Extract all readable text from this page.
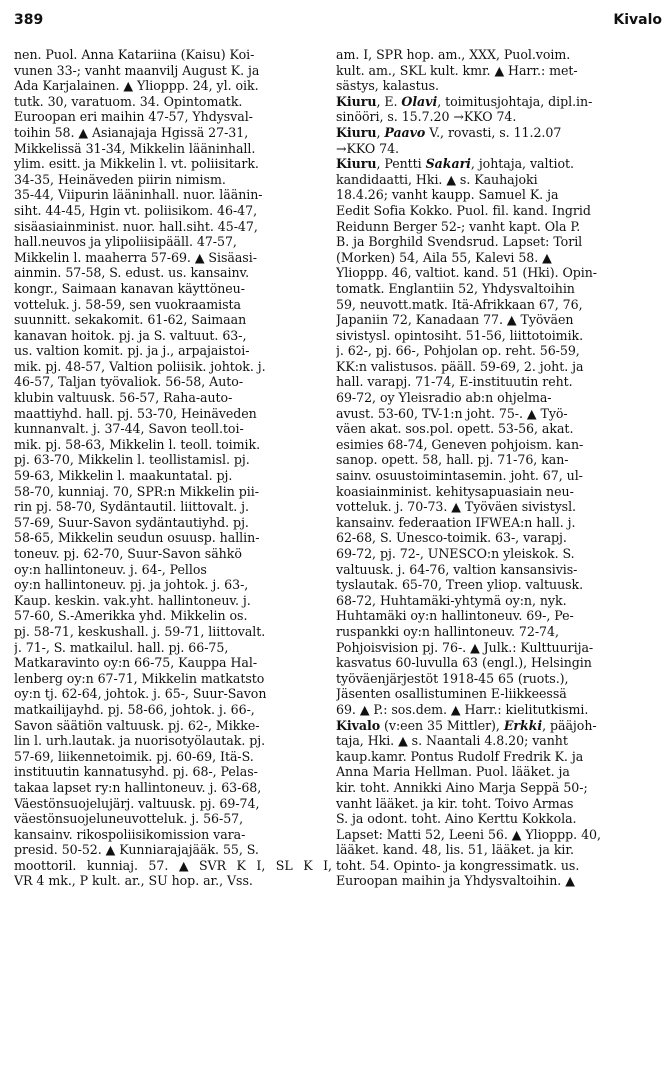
389	Kivalo

nen. Puol. Anna Katariina (Kaisu) Koi-
vunen 33-; vanht maanvilj August K. ja
Ada Karjalainen. ▲ Ylioppp. 24, yl. oik.
tutk. 30, varatuom. 34. Opintomatk.
Euroopan eri maihin 47-57, Yhdysval-
toihin 58. ▲ Asianajaja Hgissä 27-31,
Mikkelissä 31-34, Mikkelin lääninhall.
ylim. esitt. ja Mikkelin l. vt. poliisitark.
34-35, Heinäveden piirin nimism.
35-44, Viipurin lääninhall. nuor. läänin-
siht. 44-45, Hgin vt. poliisikom. 46-47,
sisäasiainminist. nuor. hall.siht. 45-47,
hall.neuvos ja ylipoliisipääll. 47-57,
Mikkelin l. maaherra 57-69. ▲ Sisäasi-
ainmin. 57-58, S. edust. us. kansainv.
kongr., Saimaan kanavan käyttöneu-
votteluk. j. 58-59, sen vuokraamista
suunnitt. sekakomit. 61-62, Saimaan
kanavan hoitok. pj. ja S. valtuut. 63-,
us. valtion komit. pj. ja j., arpajaistoi-
mik. pj. 48-57, Valtion poliisik. johtok. j.
46-57, Taljan työvaliok. 56-58, Auto-
klubin valtuusk. 56-57, Raha-auto-
maattiyhd. hall. pj. 53-70, Heinäveden
kunnanvalt. j. 37-44, Savon teoll.toi-
mik. pj. 58-63, Mikkelin l. teoll. toimik.
pj. 63-70, Mikkelin l. teollistamisl. pj.
59-63, Mikkelin l. maakuntatal. pj.
58-70, kunniaj. 70, SPR:n Mikkelin pii-
rin pj. 58-70, Sydäntautil. liittovalt. j.
57-69, Suur-Savon sydäntautiyhd. pj.
58-65, Mikkelin seudun osuusp. hallin-
toneuv. pj. 62-70, Suur-Savon sähkö
oy:n hallintoneuv. j. 64-, Pellos
oy:n hallintoneuv. pj. ja johtok. j. 63-,
Kaup. keskin. vak.yht. hallintoneuv. j.
57-60, S.-Amerikka yhd. Mikkelin os.
pj. 58-71, keskushall. j. 59-71, liittovalt.
j. 71-, S. matkailul. hall. pj. 66-75,
Matkaravinto oy:n 66-75, Kauppa Hal-
lenberg oy:n 67-71, Mikkelin matkatsto
oy:n tj. 62-64, johtok. j. 65-, Suur-Savon
matkailijayhd. pj. 58-66, johtok. j. 66-,
Savon säätiön valtuusk. pj. 62-, Mikke-
lin l. urh.lautak. ja nuorisotyölautak. pj.
57-69, liikennetoimik. pj. 60-69, Itä-S.
instituutin kannatusyhd. pj. 68-, Pelas-
takaa lapset ry:n hallintoneuv. j. 63-68,
Väestönsuojelujärj. valtuusk. pj. 69-74,
väestönsuojeluneuvotteluk. j. 56-57,
kansainv. rikospoliisikomission vara-
presid. 50-52. ▲ Kunniarajajääk. 55, S.
moottoril. kunniaj. 57. ▲ SVR K I, SL K I,
VR 4 mk., P kult. ar., SU hop. ar., Vss.

am. I, SPR hop. am., XXX, Puol.voim.
kult. am., SKL kult. kmr. ▲ Harr.: met-
sästys, kalastus.
Kiuru, E. Olavi, toimitusjohtaja, dipl.in-
sinööri, s. 15.7.20 →KKO 74.
Kiuru, Paavo V., rovasti, s. 11.2.07
→KKO 74.
Kiuru, Pentti Sakari, johtaja, valtiot.
kandidaatti, Hki. ▲ s. Kauhajoki
18.4.26; vanht kaupp. Samuel K. ja
Eedit Sofia Kokko. Puol. fil. kand. Ingrid
Reidunn Berger 52-; vanht kapt. Ola P.
B. ja Borghild Svendsrud. Lapset: Toril
(Morken) 54, Aila 55, Kalevi 58. ▲
Ylioppp. 46, valtiot. kand. 51 (Hki). Opin-
tomatk. Englantiin 52, Yhdysvaltoihin
59, neuvott.matk. Itä-Afrikkaan 67, 76,
Japaniin 72, Kanadaan 77. ▲ Työväen
sivistysl. opintosiht. 51-56, liittotoimik.
j. 62-, pj. 66-, Pohjolan op. reht. 56-59,
KK:n valistusos. pääll. 59-69, 2. joht. ja
hall. varapj. 71-74, E-instituutin reht.
69-72, oy Yleisradio ab:n ohjelma-
avust. 53-60, TV-1:n joht. 75-. ▲ Työ-
väen akat. sos.pol. opett. 53-56, akat.
esimies 68-74, Geneven pohjoism. kan-
sanop. opett. 58, hall. pj. 71-76, kan-
sainv. osuustoimintasemin. joht. 67, ul-
koasiainminist. kehitysapuasiain neu-
votteluk. j. 70-73. ▲ Työväen sivistysl.
kansainv. federaation IFWEA:n hall. j.
62-68, S. Unesco-toimik. 63-, varapj.
69-72, pj. 72-, UNESCO:n yleiskok. S.
valtuusk. j. 64-76, valtion kansansivis-
tyslautak. 65-70, Treen yliop. valtuusk.
68-72, Huhtamäki-yhtymä oy:n, nyk.
Huhtamäki oy:n hallintoneuv. 69-, Pe-
ruspankki oy:n hallintoneuv. 72-74,
Pohjoisvision pj. 76-. ▲ Julk.: Kulttuurija-
kasvatus 60-luvulla 63 (engl.), Helsingin
työväenjärjestöt 1918-45 65 (ruots.),
Jäsenten osallistuminen E-liikkeessä
69. ▲ P.: sos.dem. ▲ Harr.: kielitutkismi.
Kivalo (v:een 35 Mittler), Erkki, pääjoh-
taja, Hki. ▲ s. Naantali 4.8.20; vanht
kaup.kamr. Pontus Rudolf Fredrik K. ja
Anna Maria Hellman. Puol. lääket. ja
kir. toht. Annikki Aino Marja Seppä 50-;
vanht lääket. ja kir. toht. Toivo Armas
S. ja odont. toht. Aino Kerttu Kokkola.
Lapset: Matti 52, Leeni 56. ▲ Ylioppp. 40,
lääket. kand. 48, lis. 51, lääket. ja kir.
toht. 54. Opinto- ja kongressimatk. us.
Euroopan maihin ja Yhdysvaltoihin. ▲
